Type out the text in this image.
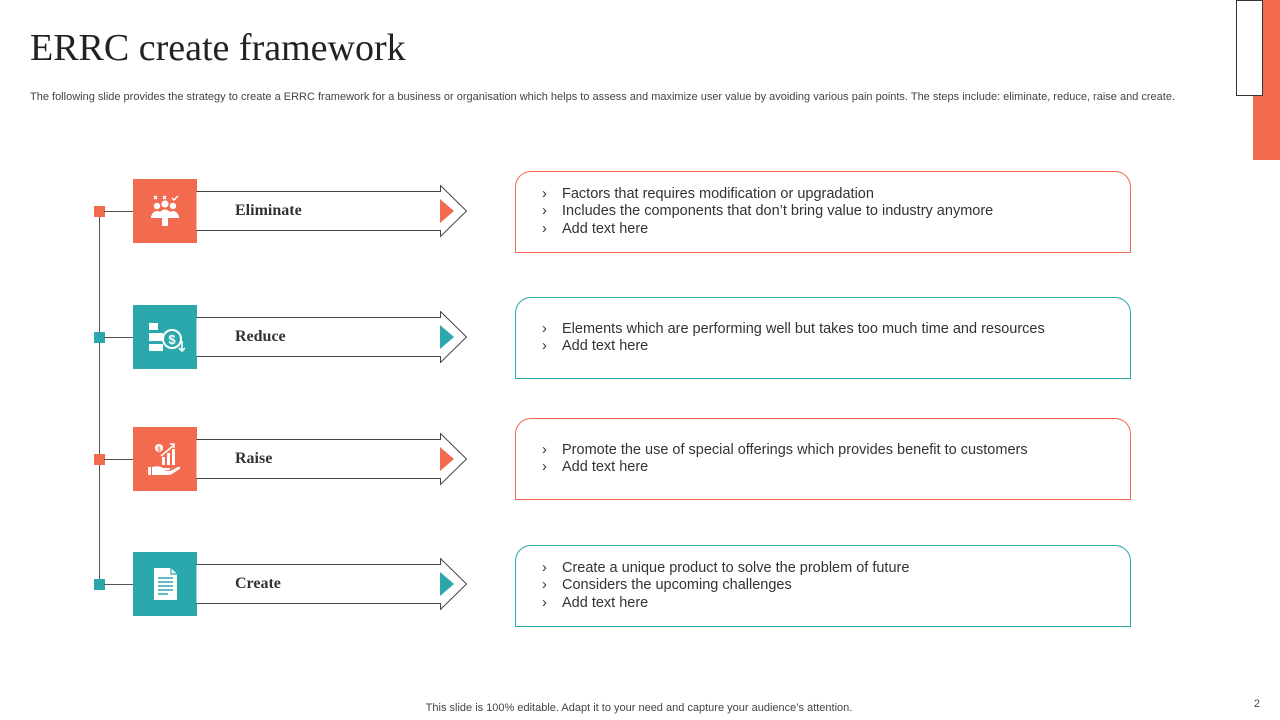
ERRC create framework

The following slide provides the strategy to create a ERRC framework for a business or organisation which helps to assess and maximize user value by avoiding various pain points. The steps include: eliminate, reduce, raise and create.

Eliminate
› Factors that requires modification or upgradation
› Includes the components that don’t bring value to industry anymore
› Add text here
$	Reduce	› Elements which are performing well but takes too much time and resources
› Add text here
$	Raise
› Promote the use of special offerings which provides benefit to customers
› Add text here
Create
› Create a unique product to solve the problem of future
› Considers the upcoming challenges
› Add text here
This slide is 100% editable. Adapt it to your need and capture your audience’s attention.	2
